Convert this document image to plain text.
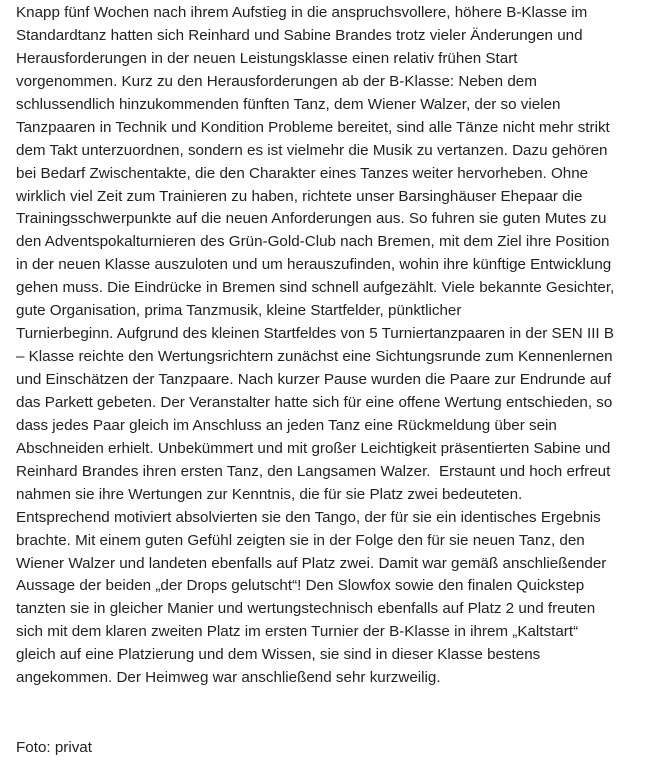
Knapp fünf Wochen nach ihrem Aufstieg in die anspruchsvollere, höhere B-Klasse im
Standardtanz hatten sich Reinhard und Sabine Brandes trotz vieler Änderungen und
Herausforderungen in der neuen Leistungsklasse einen relativ frühen Start
vorgenommen. Kurz zu den Herausforderungen ab der B-Klasse: Neben dem
schlussendlich hinzukommenden fünften Tanz, dem Wiener Walzer, der so vielen
Tanzpaaren in Technik und Kondition Probleme bereitet, sind alle Tänze nicht mehr strikt
dem Takt unterzuordnen, sondern es ist vielmehr die Musik zu vertanzen. Dazu gehören
bei Bedarf Zwischentakte, die den Charakter eines Tanzes weiter hervorheben. Ohne
wirklich viel Zeit zum Trainieren zu haben, richtete unser Barsinghäuser Ehepaar die
Trainingsschwerpunkte auf die neuen Anforderungen aus. So fuhren sie guten Mutes zu
den Adventspokalturnieren des Grün-Gold-Club nach Bremen, mit dem Ziel ihre Position
in der neuen Klasse auszuloten und um herauszufinden, wohin ihre künftige Entwicklung
gehen muss. Die Eindrücke in Bremen sind schnell aufgezählt. Viele bekannte Gesichter,
gute Organisation, prima Tanzmusik, kleine Startfelder, pünktlicher
Turnierbeginn. Aufgrund des kleinen Startfeldes von 5 Turniertanzpaaren in der SEN III B
– Klasse reichte den Wertungsrichtern zunächst eine Sichtungsrunde zum Kennenlernen
und Einschätzen der Tanzpaare. Nach kurzer Pause wurden die Paare zur Endrunde auf
das Parkett gebeten. Der Veranstalter hatte sich für eine offene Wertung entschieden, so
dass jedes Paar gleich im Anschluss an jeden Tanz eine Rückmeldung über sein
Abschneiden erhielt. Unbekümmert und mit großer Leichtigkeit präsentierten Sabine und
Reinhard Brandes ihren ersten Tanz, den Langsamen Walzer.  Erstaunt und hoch erfreut
nahmen sie ihre Wertungen zur Kenntnis, die für sie Platz zwei bedeuteten.
Entsprechend motiviert absolvierten sie den Tango, der für sie ein identisches Ergebnis
brachte. Mit einem guten Gefühl zeigten sie in der Folge den für sie neuen Tanz, den
Wiener Walzer und landeten ebenfalls auf Platz zwei. Damit war gemäß anschließender
Aussage der beiden „der Drops gelutscht“! Den Slowfox sowie den finalen Quickstep
tanzten sie in gleicher Manier und wertungstechnisch ebenfalls auf Platz 2 und freuten
sich mit dem klaren zweiten Platz im ersten Turnier der B-Klasse in ihrem „Kaltstart“
gleich auf eine Platzierung und dem Wissen, sie sind in dieser Klasse bestens
angekommen. Der Heimweg war anschließend sehr kurzweilig.
Foto: privat
